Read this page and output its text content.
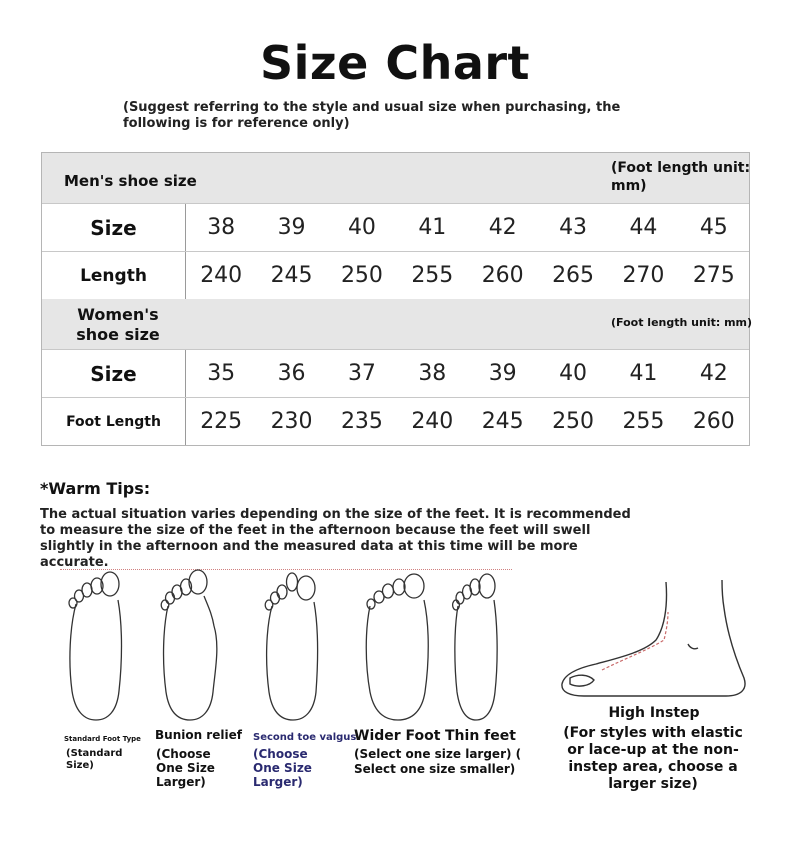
Size Chart
(Suggest referring to the style and usual size when purchasing, the following is for reference only)
Men's shoe size
(Foot length unit: mm)
Size	38	39	40	41	42	43	44	45
Length	240	245	250	255	260	265	270	275
Women's shoe size
(Foot length unit: mm)
Size	35	36	37	38	39	40	41	42
Foot Length	225	230	235	240	245	250	255	260
*Warm Tips:
The actual situation varies depending on the size of the feet. It is recommended to measure the size of the feet in the afternoon because the feet will swell slightly in the afternoon and the measured data at this time will be more accurate.
Standard Foot Type
(Standard Size)
Bunion relief
(Choose One Size Larger)
Second toe valgus
(Choose One Size Larger)
Wider Foot Thin feet
(Select one size larger) (
Select one size smaller)
High Instep
(For styles with elastic or lace-up at the non-instep area, choose a larger size)
